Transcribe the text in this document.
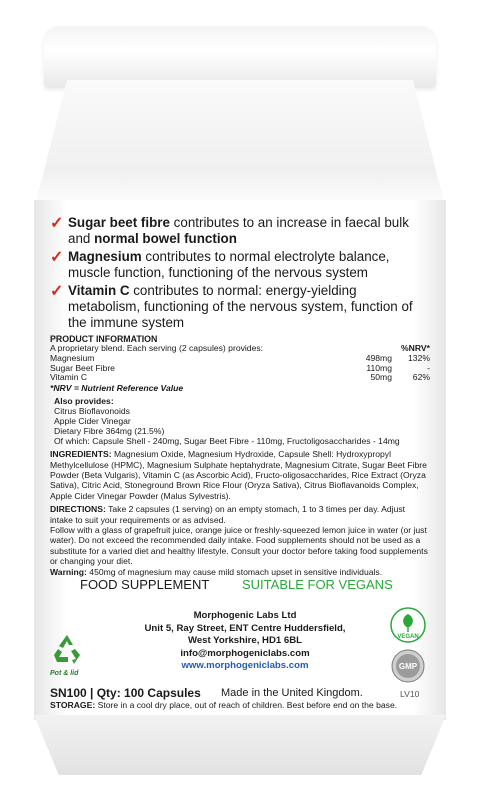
✓ Sugar beet fibre contributes to an increase in faecal bulk and normal bowel function
✓ Magnesium contributes to normal electrolyte balance, muscle function, functioning of the nervous system
✓ Vitamin C contributes to normal: energy-yielding metabolism, functioning of the nervous system, function of the immune system
PRODUCT INFORMATION
A proprietary blend. Each serving (2 capsules) provides:		%NRV*
Magnesium	498mg	132%
Sugar Beet Fibre	110mg	-
Vitamin C	50mg	62%
*NRV = Nutrient Reference Value
Also provides:
Citrus Bioflavonoids
Apple Cider Vinegar
Dietary Fibre 364mg (21.5%)
Of which: Capsule Shell - 240mg, Sugar Beet Fibre - 110mg, Fructoligosaccharides - 14mg
INGREDIENTS: Magnesium Oxide, Magnesium Hydroxide, Capsule Shell: Hydroxypropyl Methylcellulose (HPMC), Magnesium Sulphate heptahydrate, Magnesium Citrate, Sugar Beet Fibre Powder (Beta Vulgaris), Vitamin C (as Ascorbic Acid), Fructo-oligosaccharides, Rice Extract (Oryza Sativa), Citric Acid, Stoneground Brown Rice Flour (Oryza Sativa), Citrus Bioflavanoids Complex, Apple Cider Vinegar Powder (Malus Sylvestris).
DIRECTIONS: Take 2 capsules (1 serving) on an empty stomach, 1 to 3 times per day. Adjust intake to suit your requirements or as advised.
Follow with a glass of grapefruit juice, orange juice or freshly-squeezed lemon juice in water (or just water). Do not exceed the recommended daily intake. Food supplements should not be used as a substitute for a varied diet and healthy lifestyle. Consult your doctor before taking food supplements or changing your diet.
Warning: 450mg of magnesium may cause mild stomach upset in sensitive individuals.
FOOD SUPPLEMENT	SUITABLE FOR VEGANS
Pot & lid
Morphogenic Labs Ltd
Unit 5, Ray Street, ENT Centre Huddersfield,
West Yorkshire, HD1 6BL
info@morphogeniclabs.com
www.morphogeniclabs.com
VEGAN
GMP
SN100 | Qty: 100 Capsules Made in the United Kingdom.	LV10
STORAGE: Store in a cool dry place, out of reach of children. Best before end on the base.
